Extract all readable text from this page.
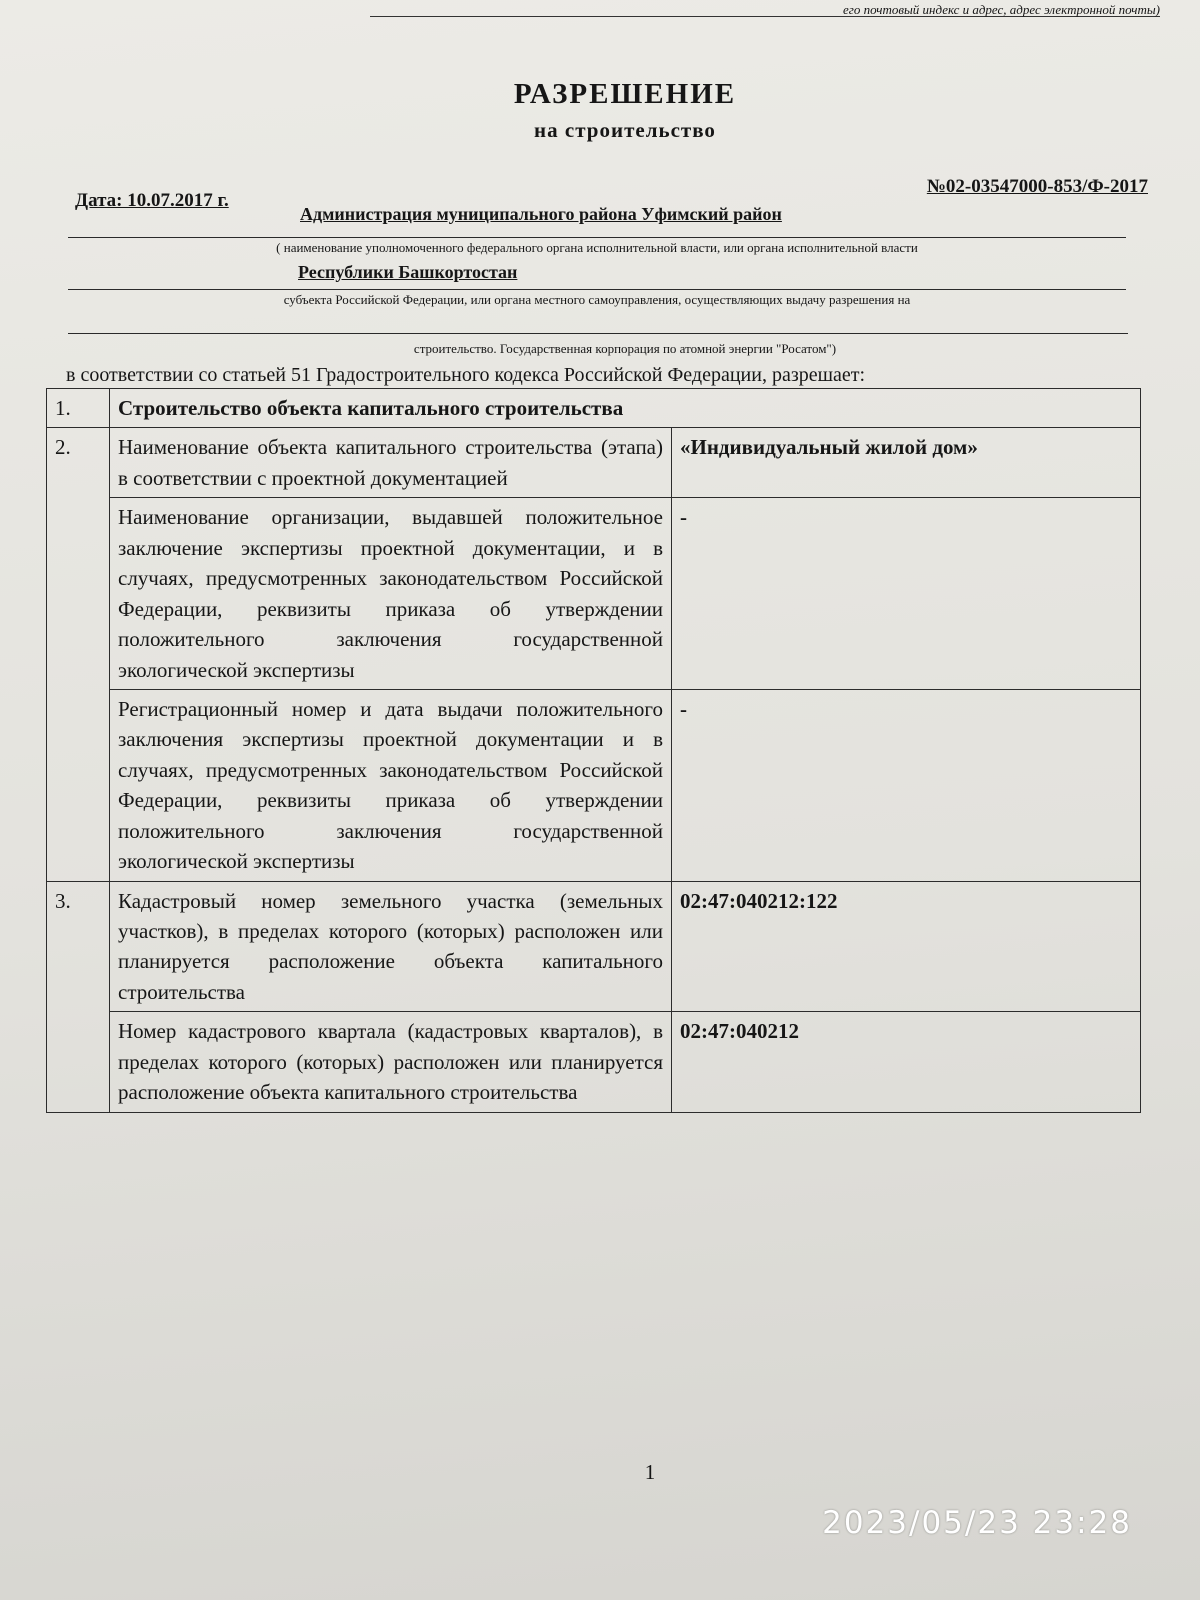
его почтовый индекс и адрес, адрес электронной почты)
РАЗРЕШЕНИЕ
на строительство
Дата: 10.07.2017 г.
№02-03547000-853/Ф-2017
Администрация муниципального района Уфимский район
( наименование уполномоченного федерального органа исполнительной власти, или органа исполнительной власти
Республики Башкортостан
субъекта Российской Федерации, или органа местного самоуправления, осуществляющих выдачу разрешения на
строительство. Государственная корпорация по атомной энергии "Росатом")
в соответствии со статьей 51 Градостроительного кодекса Российской Федерации, разрешает:
1.	Строительство объекта капитального строительства	
2.	Наименование объекта капитального строительства (этапа) в соответствии с проектной документацией	«Индивидуальный жилой дом»
	Наименование организации, выдавшей положительное заключение экспертизы проектной документации, и в случаях, предусмотренных законодательством Российской Федерации, реквизиты приказа об утверждении положительного заключения государственной экологической экспертизы	-
	Регистрационный номер и дата выдачи положительного заключения экспертизы проектной документации и в случаях, предусмотренных законодательством Российской Федерации, реквизиты приказа об утверждении положительного заключения государственной экологической экспертизы	-
3.	Кадастровый номер земельного участка (земельных участков), в пределах которого (которых) расположен или планируется расположение объекта капитального строительства	02:47:040212:122
	Номер кадастрового квартала (кадастровых кварталов), в пределах которого (которых) расположен или планируется расположение объекта капитального строительства	02:47:040212
1
2023/05/23 23:28
